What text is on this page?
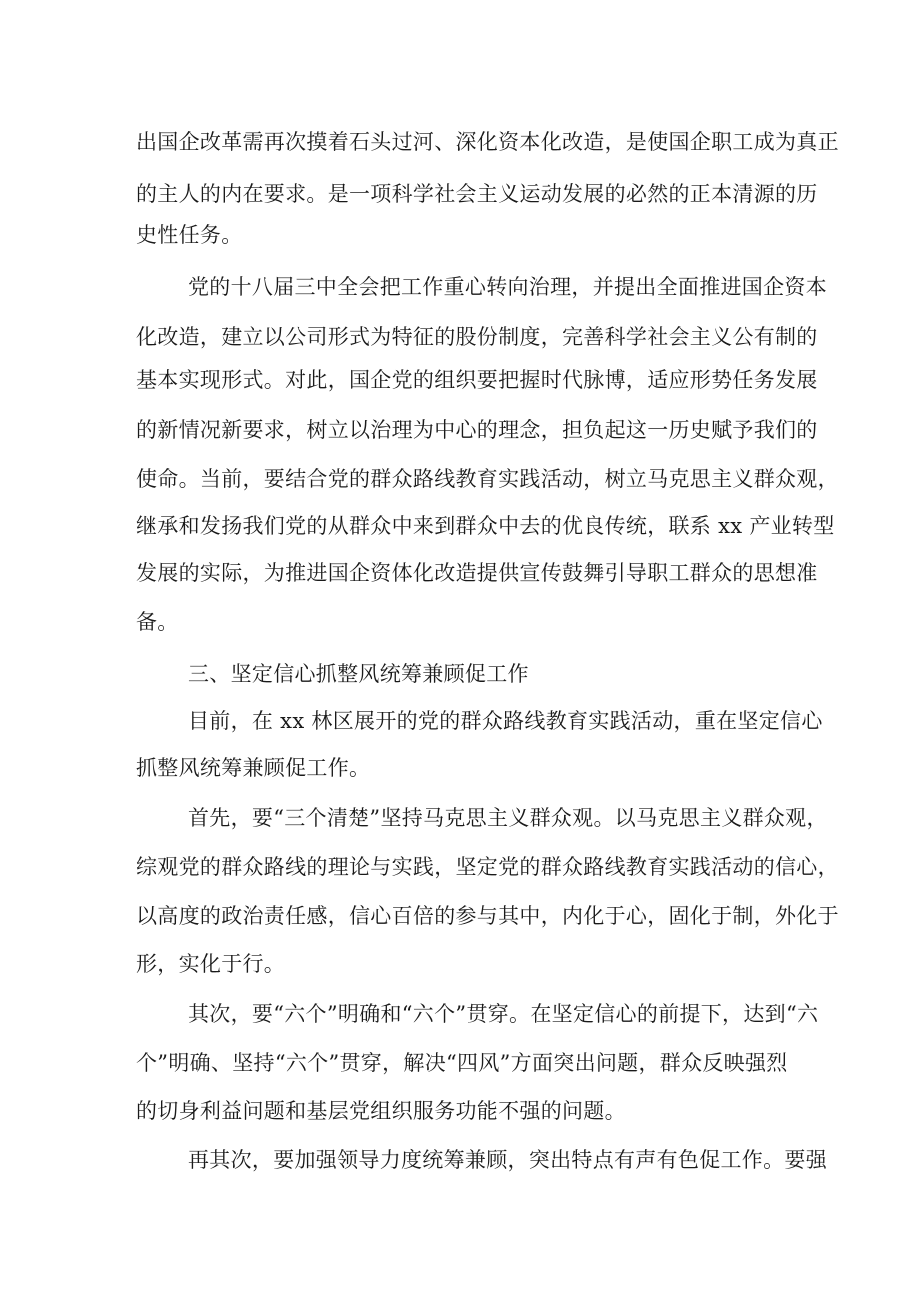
出国企改革需再次摸着石头过河、深化资本化改造，是使国企职工成为真正
的主人的内在要求。是一项科学社会主义运动发展的必然的正本清源的历
史性任务。
党的十八届三中全会把工作重心转向治理，并提出全面推进国企资本
化改造，建立以公司形式为特征的股份制度，完善科学社会主义公有制的
基本实现形式。对此，国企党的组织要把握时代脉博，适应形势任务发展
的新情况新要求，树立以治理为中心的理念，担负起这一历史赋予我们的
使命。当前，要结合党的群众路线教育实践活动，树立马克思主义群众观，
继承和发扬我们党的从群众中来到群众中去的优良传统，联系 xx 产业转型
发展的实际，为推进国企资体化改造提供宣传鼓舞引导职工群众的思想准
备。
三、坚定信心抓整风统筹兼顾促工作
目前，在 xx 林区展开的党的群众路线教育实践活动，重在坚定信心
抓整风统筹兼顾促工作。
首先，要“三个清楚”坚持马克思主义群众观。以马克思主义群众观，
综观党的群众路线的理论与实践，坚定党的群众路线教育实践活动的信心，
以高度的政治责任感，信心百倍的参与其中，内化于心，固化于制，外化于
形，实化于行。
其次，要“六个”明确和“六个”贯穿。在坚定信心的前提下，达到“六
个”明确、坚持“六个”贯穿，解决“四风”方面突出问题，群众反映强烈
的切身利益问题和基层党组织服务功能不强的问题。
再其次，要加强领导力度统筹兼顾，突出特点有声有色促工作。要强
